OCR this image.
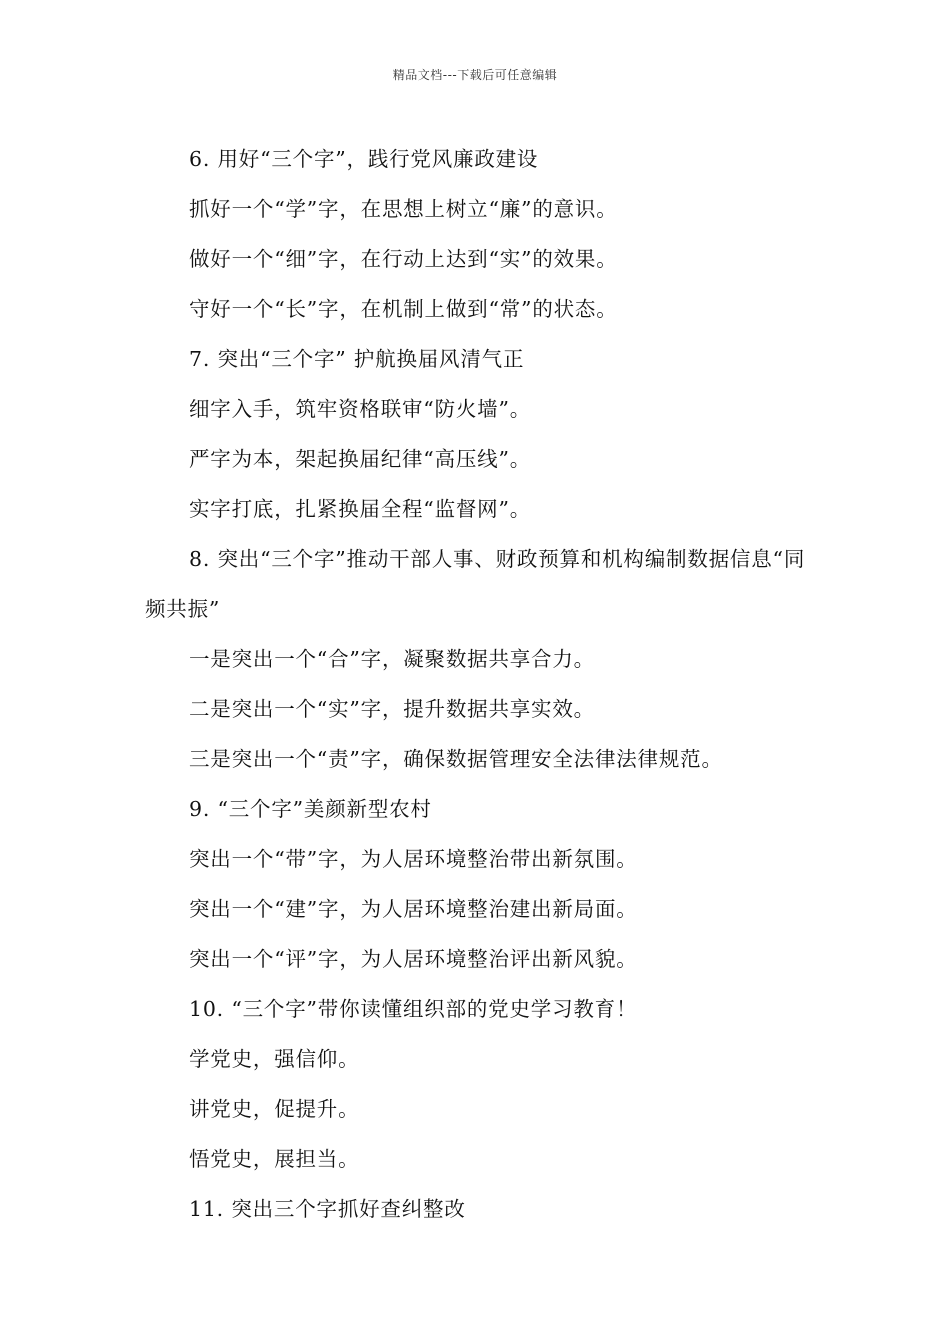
精品文档---下载后可任意编辑
6. 用好“三个字”，践行党风廉政建设
抓好一个“学”字，在思想上树立“廉”的意识。
做好一个“细”字，在行动上达到“实”的效果。
守好一个“长”字，在机制上做到“常”的状态。
7. 突出“三个字” 护航换届风清气正
细字入手，筑牢资格联审“防火墙”。
严字为本，架起换届纪律“高压线”。
实字打底，扎紧换届全程“监督网”。
8. 突出“三个字”推动干部人事、财政预算和机构编制数据信息“同频共振”
一是突出一个“合”字，凝聚数据共享合力。
二是突出一个“实”字，提升数据共享实效。
三是突出一个“责”字，确保数据管理安全法律法律规范。
9. “三个字”美颜新型农村
突出一个“带”字，为人居环境整治带出新氛围。
突出一个“建”字，为人居环境整治建出新局面。
突出一个“评”字，为人居环境整治评出新风貌。
10. “三个字”带你读懂组织部的党史学习教育！
学党史，强信仰。
讲党史，促提升。
悟党史，展担当。
11. 突出三个字抓好查纠整改
